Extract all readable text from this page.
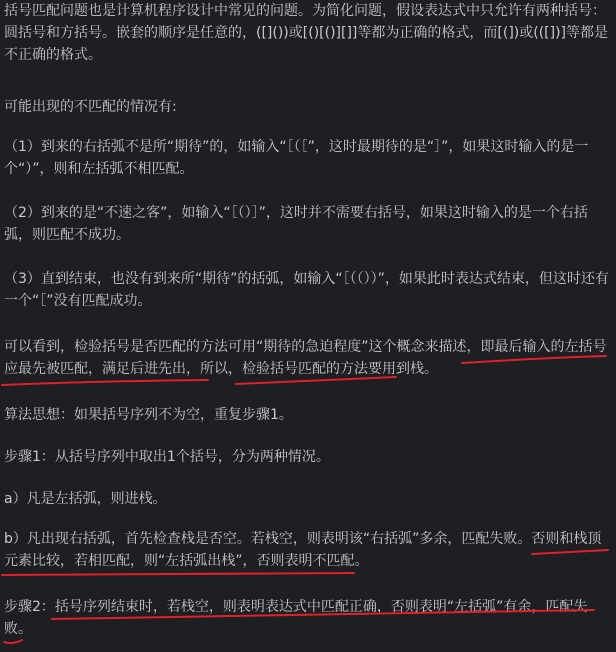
括号匹配问题也是计算机程序设计中常见的问题。为简化问题，假设表达式中只允许有两种括号：圆括号和方括号。嵌套的顺序是任意的，([]())或[()[()][]]等都为正确的格式，而[(])或(([])]等都是不正确的格式。

可能出现的不匹配的情况有:

（1）到来的右括弧不是所“期待”的，如输入“［（［”，这时最期待的是“］”，如果这时输入的是一个“）”，则和左括弧不相匹配。

（2）到来的是“不速之客”，如输入“［（）］”，这时并不需要右括号，如果这时输入的是一个右括弧，则匹配不成功。

（3）直到结束，也没有到来所“期待”的括弧，如输入“［（（））”，如果此时表达式结束，但这时还有一个“［”没有匹配成功。

可以看到，检验括号是否匹配的方法可用“期待的急迫程度”这个概念来描述，即最后输入的左括号应最先被匹配，满足后进先出，所以，检验括号匹配的方法要用到栈。

算法思想：如果括号序列不为空，重复步骤1。

步骤1：从括号序列中取出1个括号，分为两种情况。

a）凡是左括弧，则进栈。

b）凡出现右括弧，首先检查栈是否空。若栈空，则表明该“右括弧”多余，匹配失败。否则和栈顶元素比较，若相匹配，则“左括弧出栈”，否则表明不匹配。

步骤2：括号序列结束时，若栈空，则表明表达式中匹配正确，否则表明“左括弧”有余，匹配失败。
